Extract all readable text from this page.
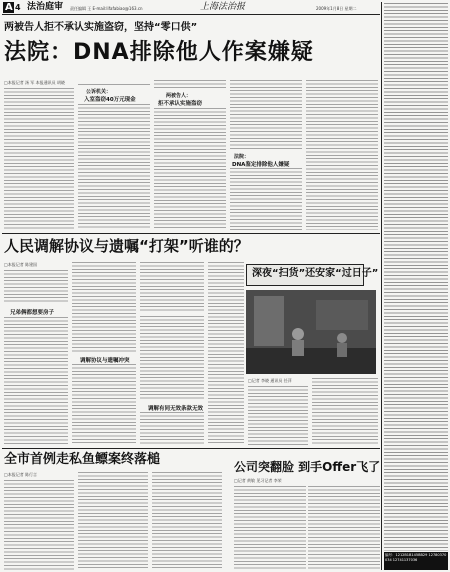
A 4 法治庭审 责任编辑 王 E-mail:lifafabiao@163.cn	上海法治报	2009年1月8日 星期二
两被告人拒不承认实施盗窃，坚持“零口供”
法院：DNA排除他人作案嫌疑
□本报记者 汤 军 本报通讯员 胡晓
公诉机关：
入室盗窃40万元现金
两被告人：
拒不承认实施盗窃
法院：
DNA鉴定排除他人嫌疑
人民调解协议与遗嘱“打架”听谁的？
□本报记者 陈建国
兄弟俩都想要房子
调解协议与遗嘱冲突
调解有同无效条款无效
深夜“扫货”还安家“过日子”
□记者 李晓 通讯员 任萍
全市首例走私鱼鳔案终落槌
□本报记者 陈行言
公司突翻脸 到手Offer飞了
□记者 黄敏 见习记者 李荣
编号：1212B1B145BB29 12780370034 12741137036
